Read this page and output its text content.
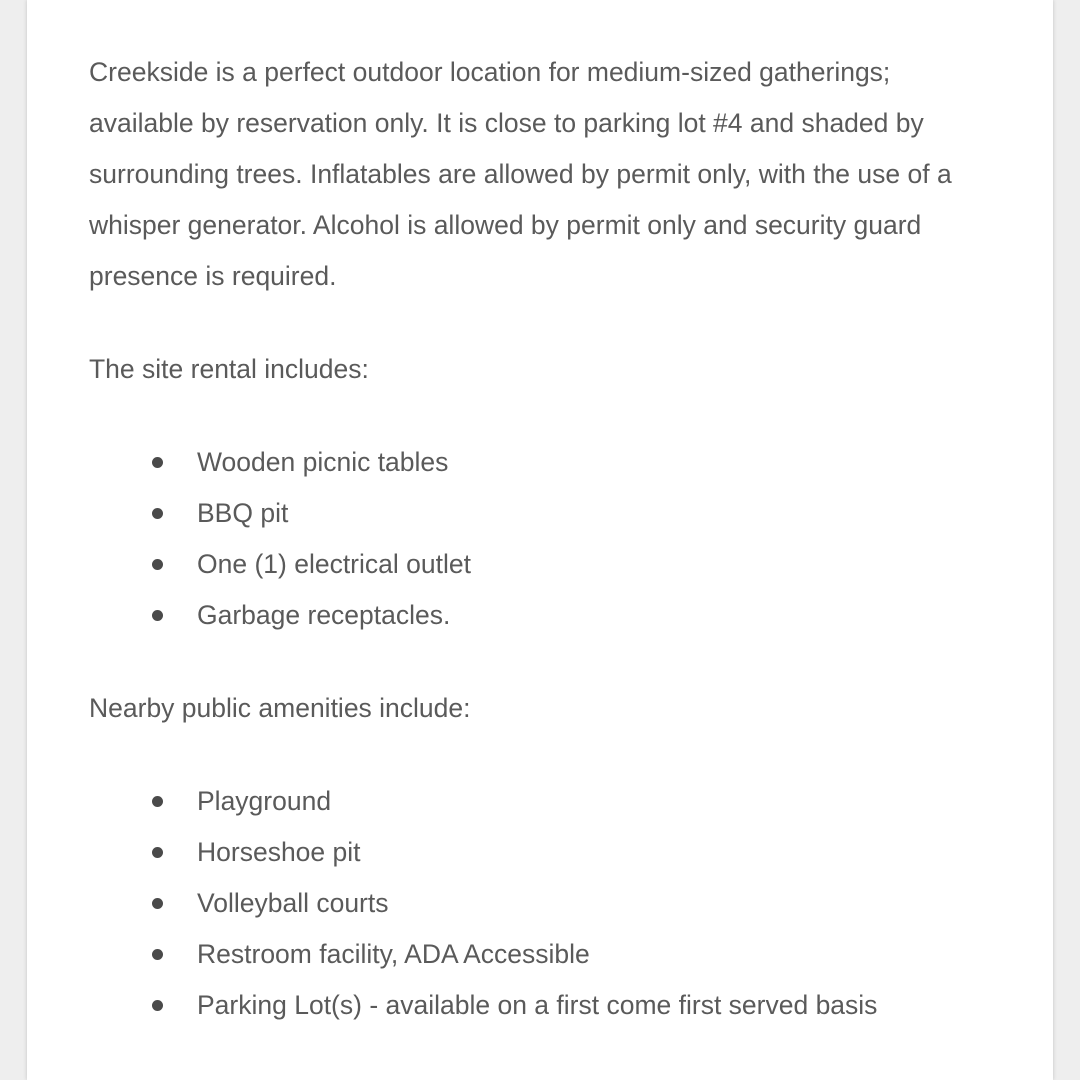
Creekside is a perfect outdoor location for medium-sized gatherings; available by reservation only. It is close to parking lot #4 and shaded by surrounding trees. Inflatables are allowed by permit only, with the use of a whisper generator. Alcohol is allowed by permit only and security guard presence is required.

The site rental includes:

Wooden picnic tables
BBQ pit
One (1) electrical outlet
Garbage receptacles.

Nearby public amenities include:

Playground
Horseshoe pit
Volleyball courts
Restroom facility, ADA Accessible
Parking Lot(s) - available on a first come first served basis
